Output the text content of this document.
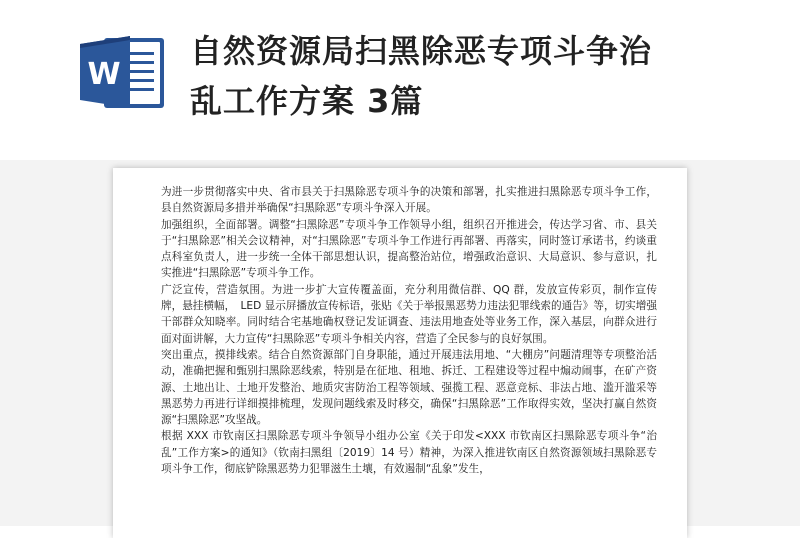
W
自然资源局扫黑除恶专项斗争治
乱工作方案 3篇

为进一步贯彻落实中央、省市县关于扫黑除恶专项斗争的决策和部署，扎实推进扫黑除恶专项斗争工作，县自然资源局多措并举确保“扫黑除恶”专项斗争深入开展。

加强组织，全面部署。调整“扫黑除恶”专项斗争工作领导小组，组织召开推进会，传达学习省、市、县关于“扫黑除恶”相关会议精神，对“扫黑除恶”专项斗争工作进行再部署、再落实，同时签订承诺书，约谈重点科室负责人，进一步统一全体干部思想认识，提高整治站位，增强政治意识、大局意识、参与意识，扎实推进“扫黑除恶”专项斗争工作。

广泛宣传，营造氛围。为进一步扩大宣传覆盖面，充分利用微信群、QQ 群，发放宣传彩页，制作宣传牌，悬挂横幅，　LED 显示屏播放宣传标语，张贴《关于举报黑恶势力违法犯罪线索的通告》等，切实增强干部群众知晓率。同时结合宅基地确权登记发证调查、违法用地查处等业务工作，深入基层，向群众进行面对面讲解，大力宣传“扫黑除恶”专项斗争相关内容，营造了全民参与的良好氛围。

突出重点，摸排线索。结合自然资源部门自身职能，通过开展违法用地、“大棚房”问题清理等专项整治活动，准确把握和甄别扫黑除恶线索，特别是在征地、租地、拆迁、工程建设等过程中煽动闹事，在矿产资源、土地出让、土地开发整治、地质灾害防治工程等领域、强揽工程、恶意竞标、非法占地、滥开滥采等黑恶势力再进行详细摸排梳理，发现问题线索及时移交，确保“扫黑除恶”工作取得实效，坚决打赢自然资源“扫黑除恶”攻坚战。

根据 XXX 市钦南区扫黑除恶专项斗争领导小组办公室《关于印发<XXX 市钦南区扫黑除恶专项斗争“治乱”工作方案>的通知》（钦南扫黑组〔2019〕14 号）精神，为深入推进钦南区自然资源领域扫黑除恶专项斗争工作，彻底铲除黑恶势力犯罪滋生土壤，有效遏制“乱象”发生，
